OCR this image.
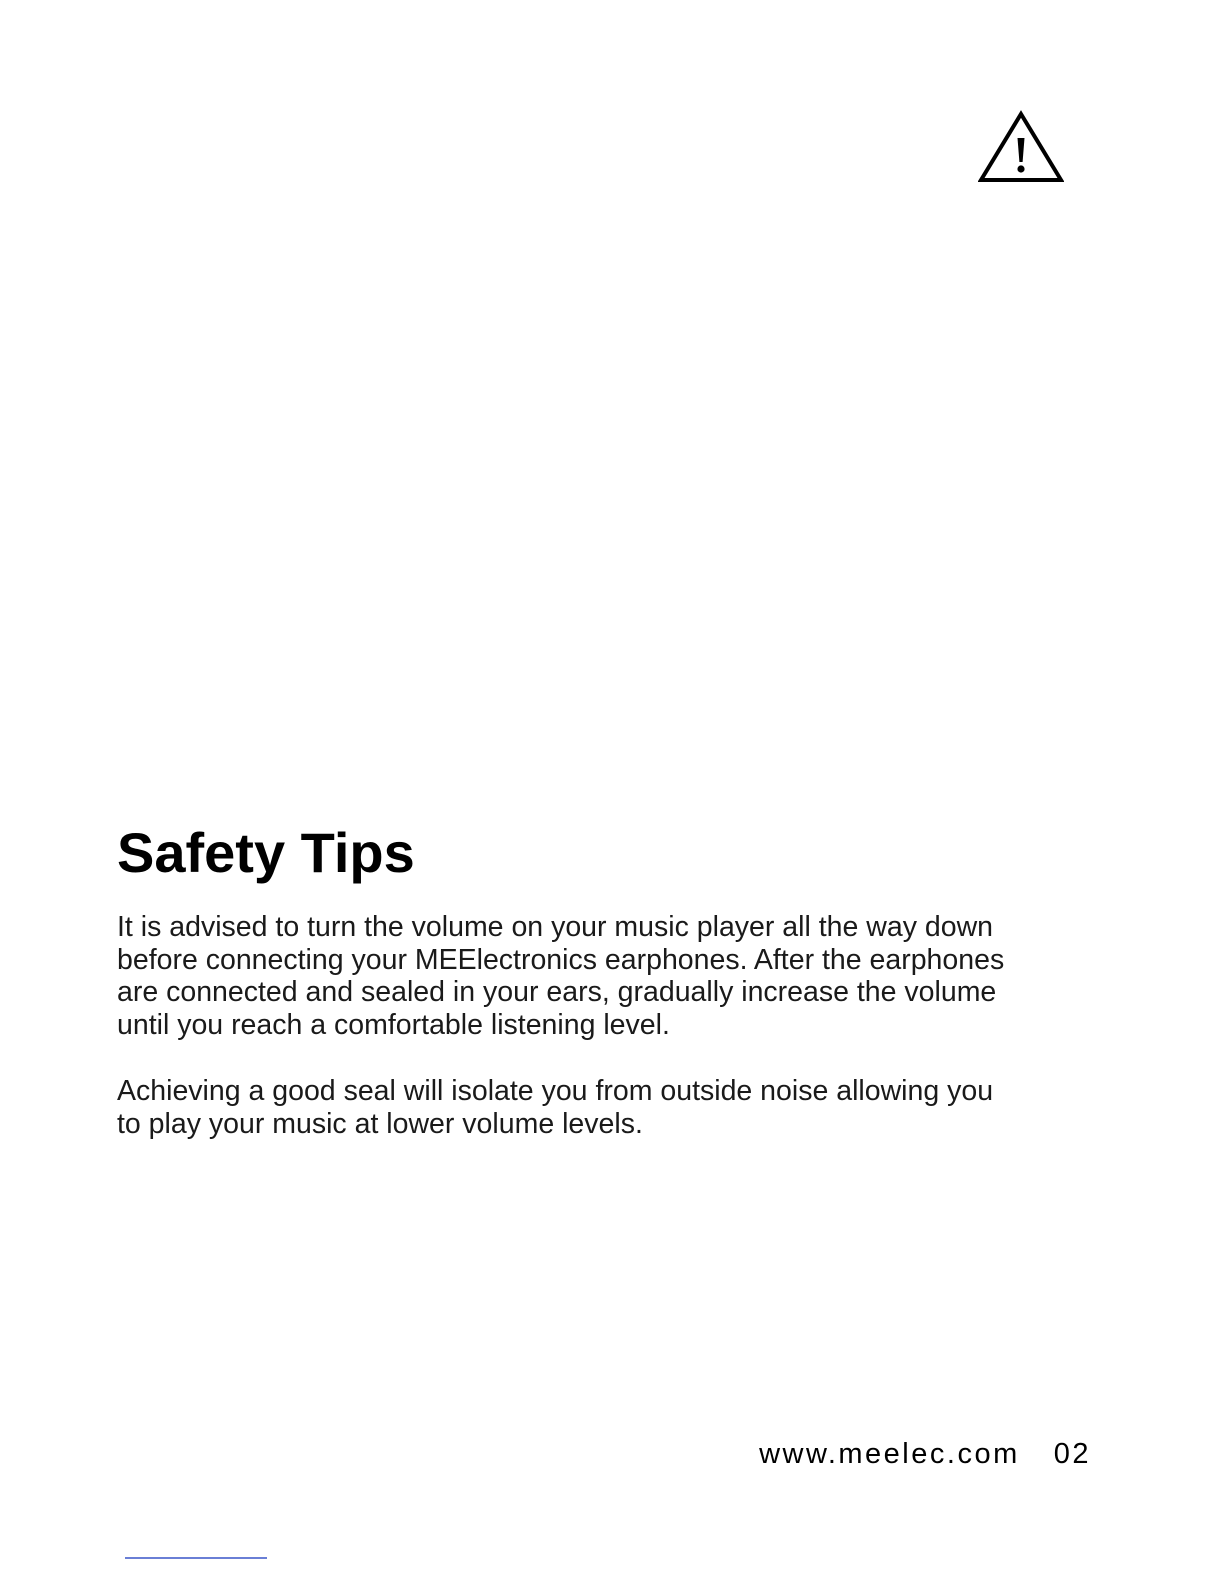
Safety Tips

It is advised to turn the volume on your music player all the way down
before connecting your MEElectronics earphones. After the earphones
are connected and sealed in your ears, gradually increase the volume
until you reach a comfortable listening level.

Achieving a good seal will isolate you from outside noise allowing you
to play your music at lower volume levels.

www.meelec.com 02
